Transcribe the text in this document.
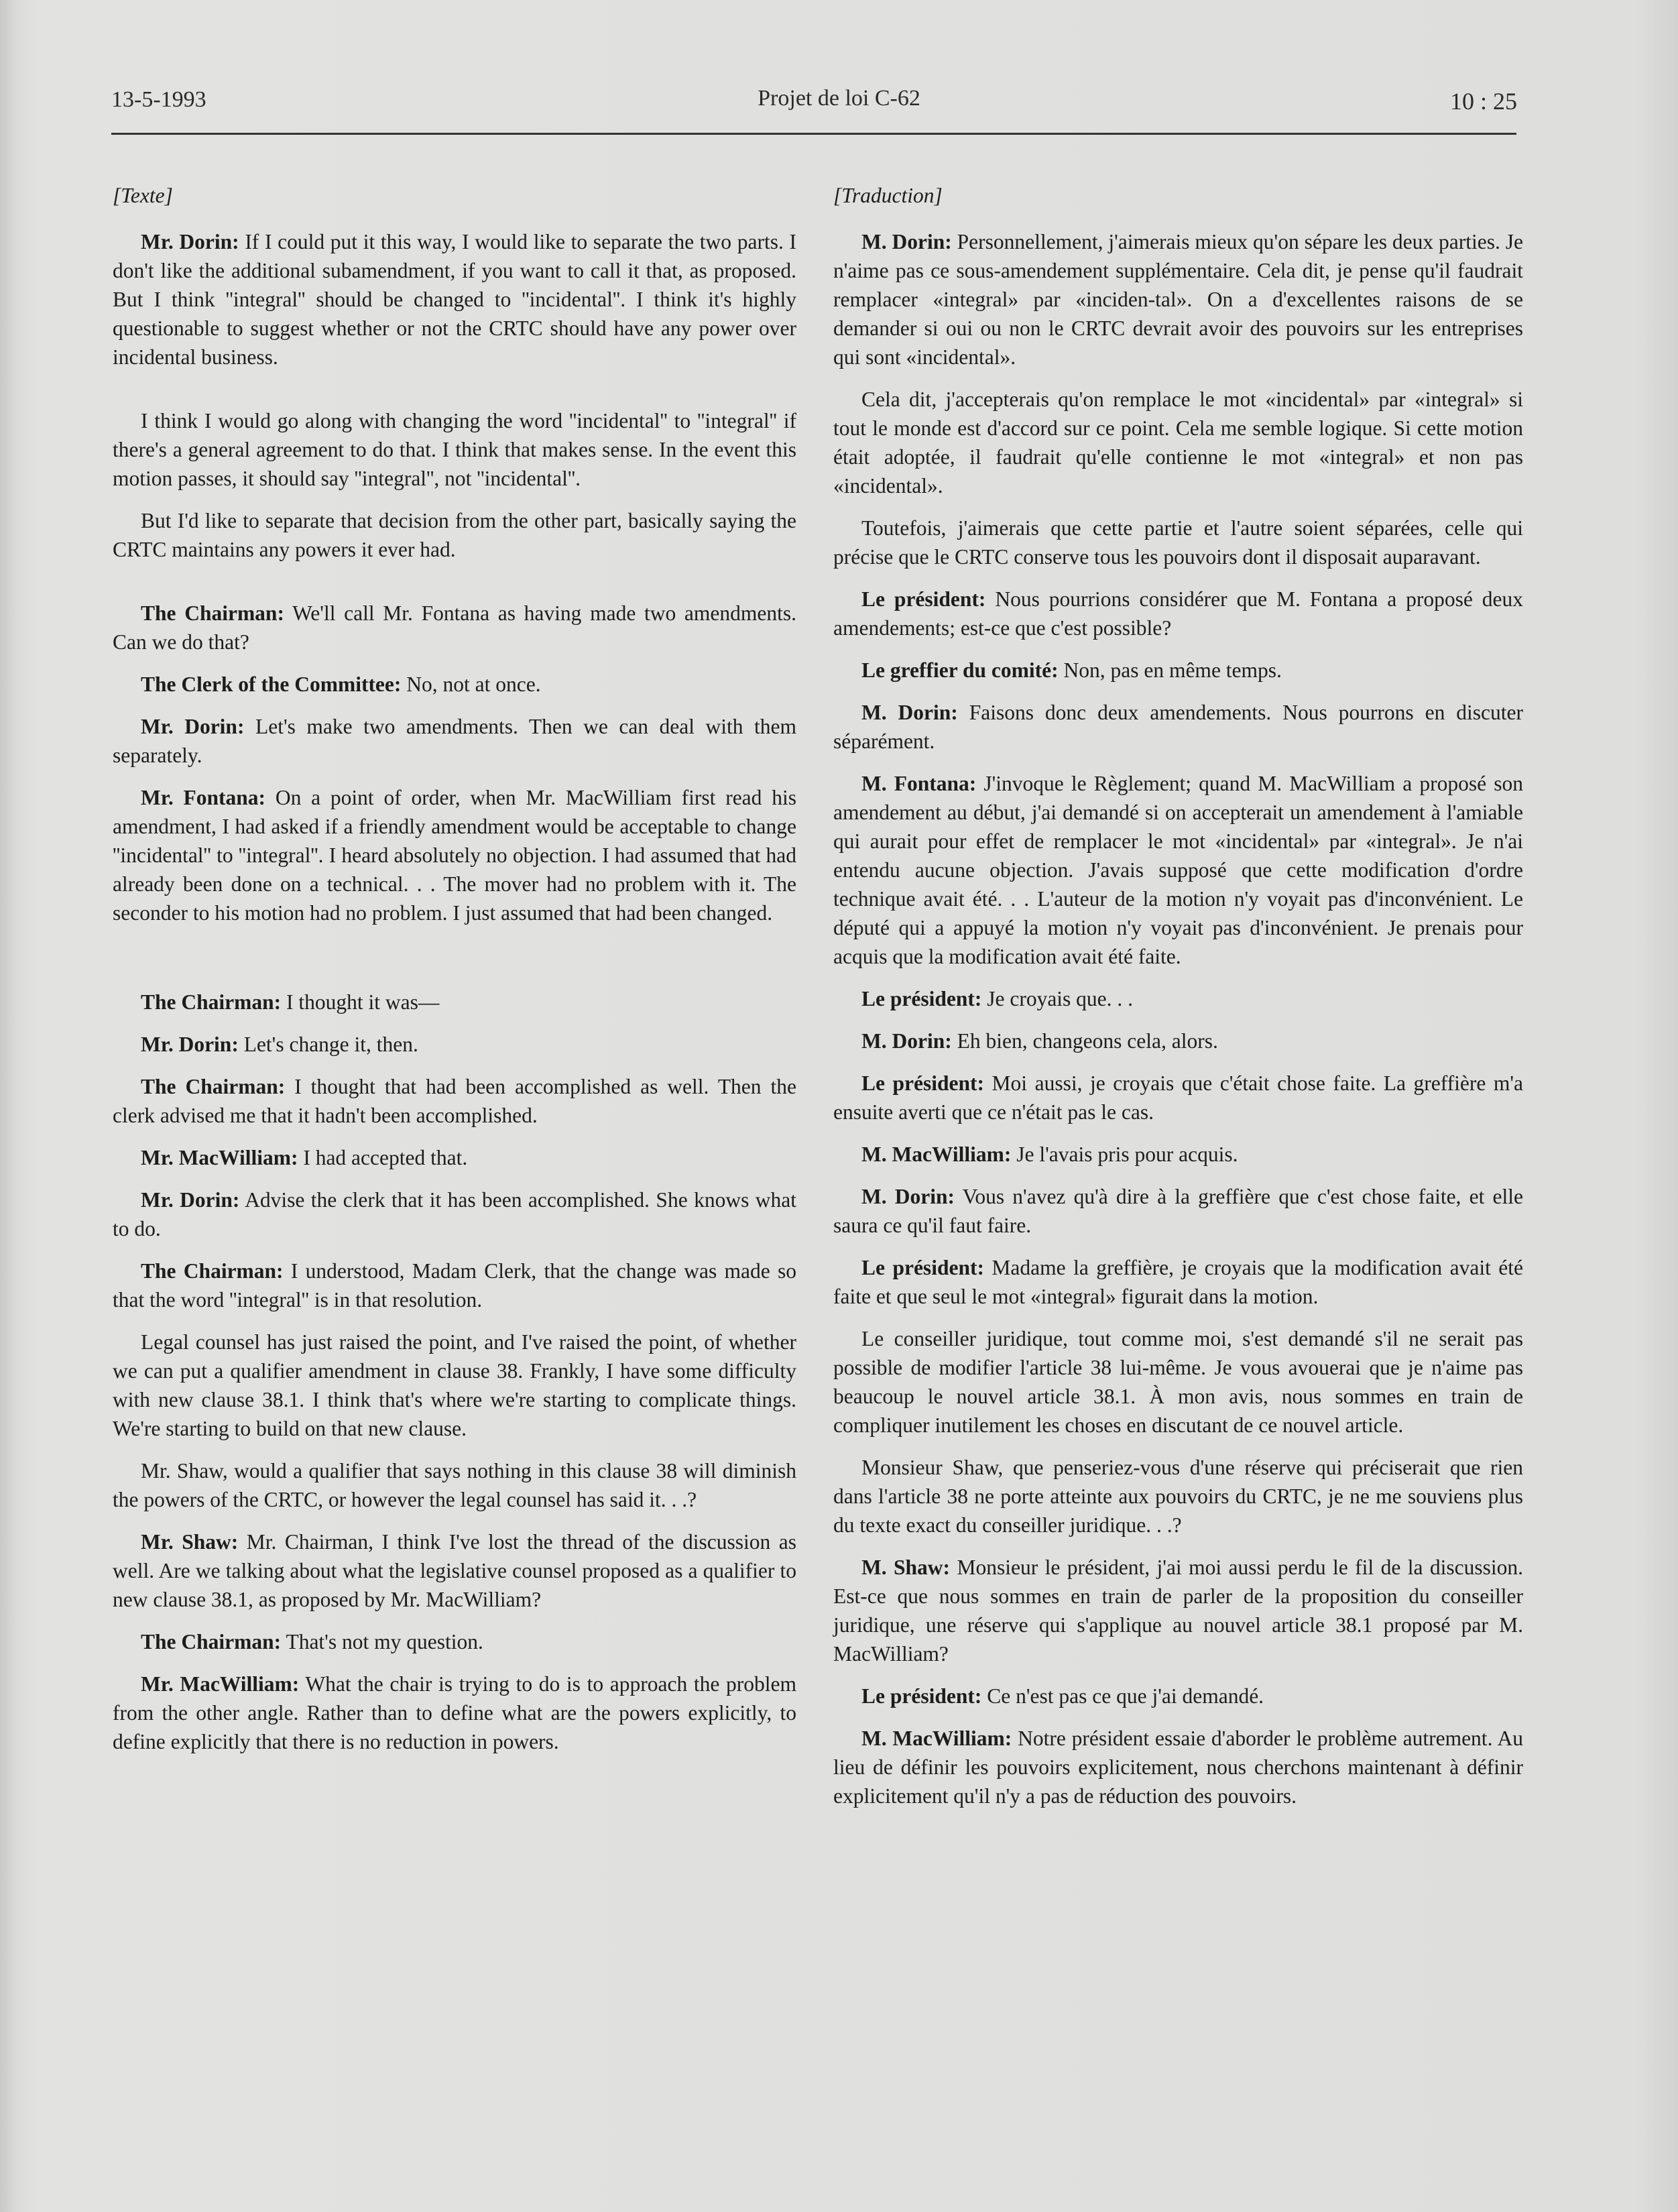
13-5-1993	Projet de loi C-62	10 : 25

[Texte]

Mr. Dorin: If I could put it this way, I would like to separate the two parts. I don't like the additional subamendment, if you want to call it that, as proposed. But I think ''integral'' should be changed to ''incidental''. I think it's highly questionable to suggest whether or not the CRTC should have any power over incidental business.

I think I would go along with changing the word ''incidental'' to ''integral'' if there's a general agreement to do that. I think that makes sense. In the event this motion passes, it should say ''integral'', not ''incidental''.

But I'd like to separate that decision from the other part, basically saying the CRTC maintains any powers it ever had.

The Chairman: We'll call Mr. Fontana as having made two amendments. Can we do that?

The Clerk of the Committee: No, not at once.

Mr. Dorin: Let's make two amendments. Then we can deal with them separately.

Mr. Fontana: On a point of order, when Mr. MacWilliam first read his amendment, I had asked if a friendly amendment would be acceptable to change ''incidental'' to ''integral''. I heard absolutely no objection. I had assumed that had already been done on a technical. . . The mover had no problem with it. The seconder to his motion had no problem. I just assumed that had been changed.

The Chairman: I thought it was—

Mr. Dorin: Let's change it, then.

The Chairman: I thought that had been accomplished as well. Then the clerk advised me that it hadn't been accomplished.

Mr. MacWilliam: I had accepted that.

Mr. Dorin: Advise the clerk that it has been accomplished. She knows what to do.

The Chairman: I understood, Madam Clerk, that the change was made so that the word ''integral'' is in that resolution.

Legal counsel has just raised the point, and I've raised the point, of whether we can put a qualifier amendment in clause 38. Frankly, I have some difficulty with new clause 38.1. I think that's where we're starting to complicate things. We're starting to build on that new clause.

Mr. Shaw, would a qualifier that says nothing in this clause 38 will diminish the powers of the CRTC, or however the legal counsel has said it. . .?

Mr. Shaw: Mr. Chairman, I think I've lost the thread of the discussion as well. Are we talking about what the legislative counsel proposed as a qualifier to new clause 38.1, as proposed by Mr. MacWilliam?

The Chairman: That's not my question.

Mr. MacWilliam: What the chair is trying to do is to approach the problem from the other angle. Rather than to define what are the powers explicitly, to define explicitly that there is no reduction in powers.

[Traduction]

M. Dorin: Personnellement, j'aimerais mieux qu'on sépare les deux parties. Je n'aime pas ce sous-amendement supplémentaire. Cela dit, je pense qu'il faudrait remplacer «integral» par «inciden-tal». On a d'excellentes raisons de se demander si oui ou non le CRTC devrait avoir des pouvoirs sur les entreprises qui sont «incidental».

Cela dit, j'accepterais qu'on remplace le mot «incidental» par «integral» si tout le monde est d'accord sur ce point. Cela me semble logique. Si cette motion était adoptée, il faudrait qu'elle contienne le mot «integral» et non pas «incidental».

Toutefois, j'aimerais que cette partie et l'autre soient séparées, celle qui précise que le CRTC conserve tous les pouvoirs dont il disposait auparavant.

Le président: Nous pourrions considérer que M. Fontana a proposé deux amendements; est-ce que c'est possible?

Le greffier du comité: Non, pas en même temps.

M. Dorin: Faisons donc deux amendements. Nous pourrons en discuter séparément.

M. Fontana: J'invoque le Règlement; quand M. MacWilliam a proposé son amendement au début, j'ai demandé si on accepterait un amendement à l'amiable qui aurait pour effet de remplacer le mot «incidental» par «integral». Je n'ai entendu aucune objection. J'avais supposé que cette modification d'ordre technique avait été. . . L'auteur de la motion n'y voyait pas d'inconvénient. Le député qui a appuyé la motion n'y voyait pas d'inconvénient. Je prenais pour acquis que la modification avait été faite.

Le président: Je croyais que. . .

M. Dorin: Eh bien, changeons cela, alors.

Le président: Moi aussi, je croyais que c'était chose faite. La greffière m'a ensuite averti que ce n'était pas le cas.

M. MacWilliam: Je l'avais pris pour acquis.

M. Dorin: Vous n'avez qu'à dire à la greffière que c'est chose faite, et elle saura ce qu'il faut faire.

Le président: Madame la greffière, je croyais que la modification avait été faite et que seul le mot «integral» figurait dans la motion.

Le conseiller juridique, tout comme moi, s'est demandé s'il ne serait pas possible de modifier l'article 38 lui-même. Je vous avouerai que je n'aime pas beaucoup le nouvel article 38.1. À mon avis, nous sommes en train de compliquer inutilement les choses en discutant de ce nouvel article.

Monsieur Shaw, que penseriez-vous d'une réserve qui préciserait que rien dans l'article 38 ne porte atteinte aux pouvoirs du CRTC, je ne me souviens plus du texte exact du conseiller juridique. . .?

M. Shaw: Monsieur le président, j'ai moi aussi perdu le fil de la discussion. Est-ce que nous sommes en train de parler de la proposition du conseiller juridique, une réserve qui s'applique au nouvel article 38.1 proposé par M. MacWilliam?

Le président: Ce n'est pas ce que j'ai demandé.

M. MacWilliam: Notre président essaie d'aborder le problème autrement. Au lieu de définir les pouvoirs explicitement, nous cherchons maintenant à définir explicitement qu'il n'y a pas de réduction des pouvoirs.
